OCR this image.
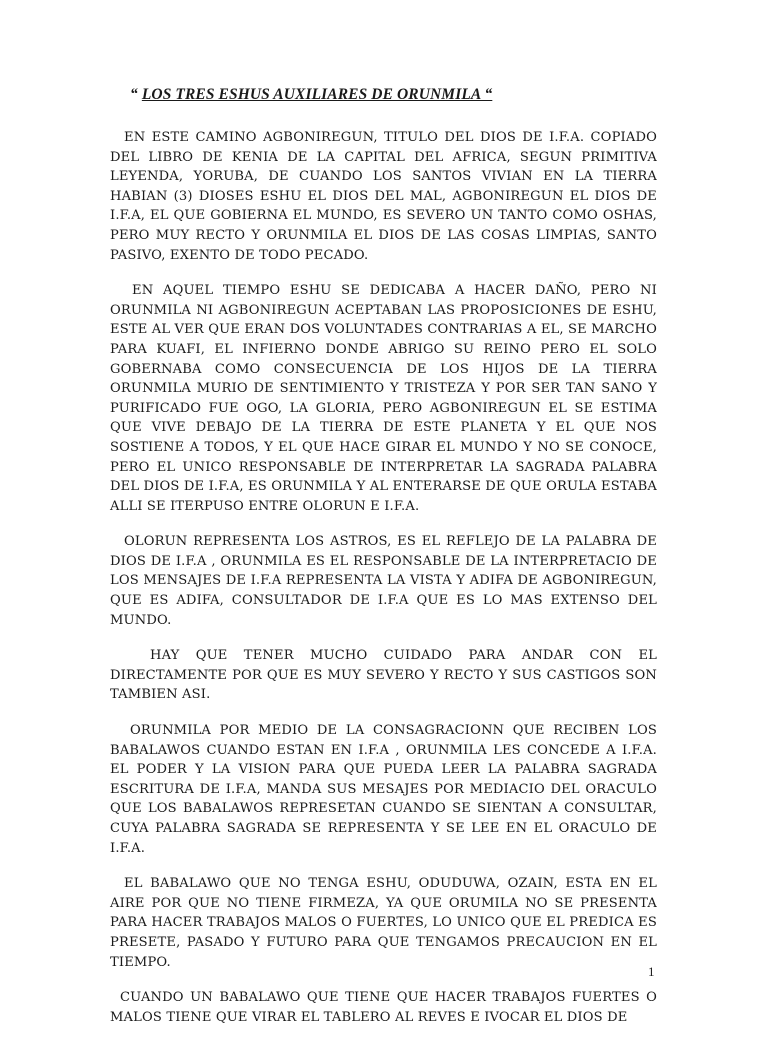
“ LOS TRES ESHUS AUXILIARES DE ORUNMILA “

EN ESTE CAMINO AGBONIREGUN, TITULO DEL DIOS DE I.F.A. COPIADO DEL LIBRO DE KENIA DE LA CAPITAL DEL AFRICA, SEGUN PRIMITIVA LEYENDA, YORUBA, DE CUANDO LOS SANTOS VIVIAN EN LA TIERRA HABIAN (3) DIOSES ESHU EL DIOS DEL MAL, AGBONIREGUN EL DIOS DE I.F.A, EL QUE GOBIERNA EL MUNDO, ES SEVERO UN TANTO COMO OSHAS, PERO MUY RECTO Y ORUNMILA EL DIOS DE LAS COSAS LIMPIAS, SANTO PASIVO, EXENTO DE TODO PECADO.

EN AQUEL TIEMPO ESHU SE DEDICABA A HACER DAÑO, PERO NI ORUNMILA NI AGBONIREGUN ACEPTABAN LAS PROPOSICIONES DE ESHU, ESTE AL VER QUE ERAN DOS VOLUNTADES CONTRARIAS A EL, SE MARCHO PARA KUAFI, EL INFIERNO DONDE ABRIGO SU REINO PERO EL SOLO GOBERNABA COMO CONSECUENCIA DE LOS HIJOS DE LA TIERRA ORUNMILA MURIO DE SENTIMIENTO Y TRISTEZA Y POR SER TAN SANO Y PURIFICADO FUE OGO, LA GLORIA, PERO AGBONIREGUN EL SE ESTIMA QUE VIVE DEBAJO DE LA TIERRA DE ESTE PLANETA Y EL QUE NOS SOSTIENE A TODOS, Y EL QUE HACE GIRAR EL MUNDO Y NO SE CONOCE, PERO EL UNICO RESPONSABLE DE INTERPRETAR LA SAGRADA PALABRA DEL DIOS DE I.F.A, ES ORUNMILA Y AL ENTERARSE DE QUE ORULA ESTABA ALLI SE ITERPUSO ENTRE OLORUN E I.F.A.

OLORUN REPRESENTA LOS ASTROS, ES EL REFLEJO DE LA PALABRA DE DIOS DE I.F.A , ORUNMILA ES EL RESPONSABLE DE LA INTERPRETACIO DE LOS MENSAJES DE I.F.A REPRESENTA LA VISTA Y ADIFA DE AGBONIREGUN, QUE ES ADIFA, CONSULTADOR DE I.F.A QUE ES LO MAS EXTENSO DEL MUNDO.

HAY QUE TENER MUCHO CUIDADO PARA ANDAR CON EL DIRECTAMENTE POR QUE ES MUY SEVERO Y RECTO Y SUS CASTIGOS SON TAMBIEN ASI.

ORUNMILA POR MEDIO DE LA CONSAGRACIONN QUE RECIBEN LOS BABALAWOS CUANDO ESTAN EN I.F.A , ORUNMILA LES CONCEDE A I.F.A. EL PODER Y LA VISION PARA QUE PUEDA LEER LA PALABRA SAGRADA ESCRITURA DE I.F.A, MANDA SUS MESAJES POR MEDIACIO DEL ORACULO QUE LOS BABALAWOS REPRESETAN CUANDO SE SIENTAN A CONSULTAR, CUYA PALABRA SAGRADA SE REPRESENTA Y SE LEE EN EL ORACULO DE I.F.A.

EL BABALAWO QUE NO TENGA ESHU, ODUDUWA, OZAIN, ESTA EN EL AIRE POR QUE NO TIENE FIRMEZA, YA QUE ORUMILA NO SE PRESENTA PARA HACER TRABAJOS MALOS O FUERTES, LO UNICO QUE EL PREDICA ES PRESETE, PASADO Y FUTURO PARA QUE TENGAMOS PRECAUCION EN EL TIEMPO.

CUANDO UN BABALAWO QUE TIENE QUE HACER TRABAJOS FUERTES O MALOS TIENE QUE VIRAR EL TABLERO AL REVES E IVOCAR EL DIOS DE

1
